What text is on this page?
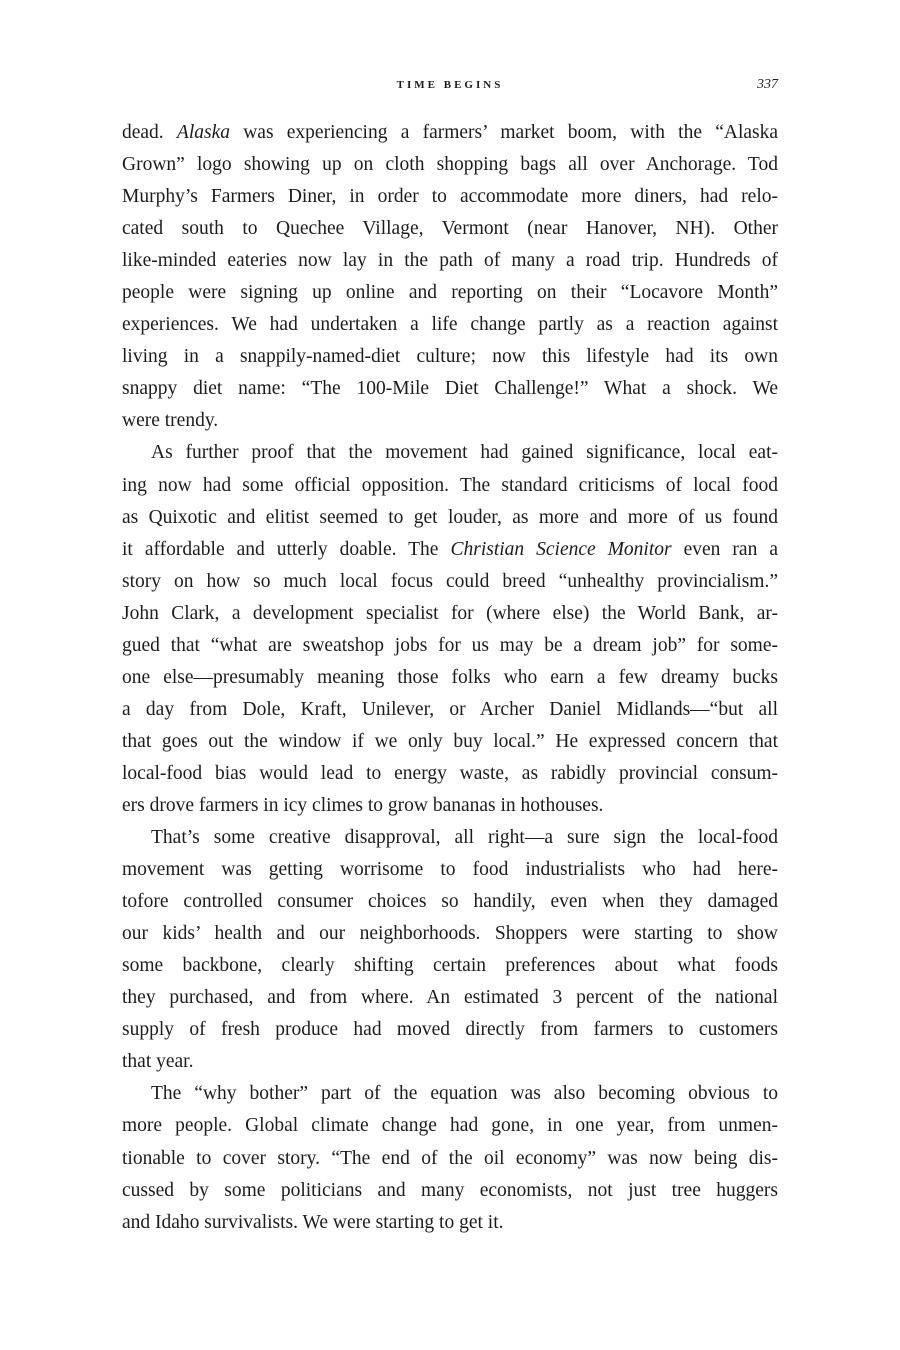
TIME BEGINS	337
dead. Alaska was experiencing a farmers’ market boom, with the “Alaska
Grown” logo showing up on cloth shopping bags all over Anchorage. Tod
Murphy’s Farmers Diner, in order to accommodate more diners, had relo-
cated south to Quechee Village, Vermont (near Hanover, NH). Other
like-minded eateries now lay in the path of many a road trip. Hundreds of
people were signing up online and reporting on their “Locavore Month”
experiences. We had undertaken a life change partly as a reaction against
living in a snappily-named-diet culture; now this lifestyle had its own
snappy diet name: “The 100-Mile Diet Challenge!” What a shock. We
were trendy.
As further proof that the movement had gained significance, local eat-
ing now had some official opposition. The standard criticisms of local food
as Quixotic and elitist seemed to get louder, as more and more of us found
it affordable and utterly doable. The Christian Science Monitor even ran a
story on how so much local focus could breed “unhealthy provincialism.”
John Clark, a development specialist for (where else) the World Bank, ar-
gued that “what are sweatshop jobs for us may be a dream job” for some-
one else—presumably meaning those folks who earn a few dreamy bucks
a day from Dole, Kraft, Unilever, or Archer Daniel Midlands—“but all
that goes out the window if we only buy local.” He expressed concern that
local-food bias would lead to energy waste, as rabidly provincial consum-
ers drove farmers in icy climes to grow bananas in hothouses.
That’s some creative disapproval, all right—a sure sign the local-food
movement was getting worrisome to food industrialists who had here-
tofore controlled consumer choices so handily, even when they damaged
our kids’ health and our neighborhoods. Shoppers were starting to show
some backbone, clearly shifting certain preferences about what foods
they purchased, and from where. An estimated 3 percent of the national
supply of fresh produce had moved directly from farmers to customers
that year.
The “why bother” part of the equation was also becoming obvious to
more people. Global climate change had gone, in one year, from unmen-
tionable to cover story. “The end of the oil economy” was now being dis-
cussed by some politicians and many economists, not just tree huggers
and Idaho survivalists. We were starting to get it.
